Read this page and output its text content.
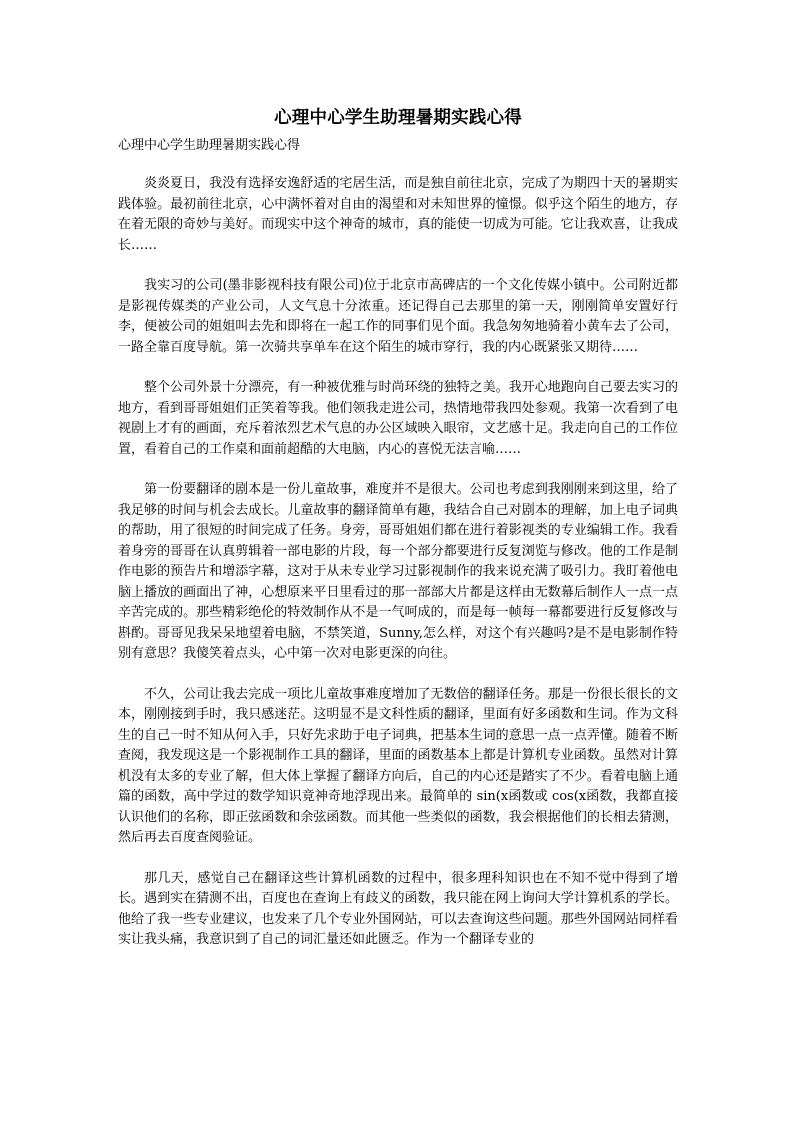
心理中心学生助理暑期实践心得

心理中心学生助理暑期实践心得

炎炎夏日，我没有选择安逸舒适的宅居生活，而是独自前往北京，完成了为期四十天的暑期实践体验。最初前往北京，心中满怀着对自由的渴望和对未知世界的憧憬。似乎这个陌生的地方，存在着无限的奇妙与美好。而现实中这个神奇的城市，真的能使一切成为可能。它让我欢喜，让我成长……

我实习的公司(墨非影视科技有限公司)位于北京市高碑店的一个文化传媒小镇中。公司附近都是影视传媒类的产业公司，人文气息十分浓重。还记得自己去那里的第一天，刚刚简单安置好行李，便被公司的姐姐叫去先和即将在一起工作的同事们见个面。我急匆匆地骑着小黄车去了公司，一路全靠百度导航。第一次骑共享单车在这个陌生的城市穿行，我的内心既紧张又期待……

整个公司外景十分漂亮，有一种被优雅与时尚环绕的独特之美。我开心地跑向自己要去实习的地方，看到哥哥姐姐们正笑着等我。他们领我走进公司，热情地带我四处参观。我第一次看到了电视剧上才有的画面，充斥着浓烈艺术气息的办公区域映入眼帘，文艺感十足。我走向自己的工作位置，看着自己的工作桌和面前超酷的大电脑，内心的喜悦无法言喻……

第一份要翻译的剧本是一份儿童故事，难度并不是很大。公司也考虑到我刚刚来到这里，给了我足够的时间与机会去成长。儿童故事的翻译简单有趣，我结合自己对剧本的理解，加上电子词典的帮助，用了很短的时间完成了任务。身旁，哥哥姐姐们都在进行着影视类的专业编辑工作。我看着身旁的哥哥在认真剪辑着一部电影的片段，每一个部分都要进行反复浏览与修改。他的工作是制作电影的预告片和增添字幕，这对于从未专业学习过影视制作的我来说充满了吸引力。我盯着他电脑上播放的画面出了神，心想原来平日里看过的那一部部大片都是这样由无数幕后制作人一点一点辛苦完成的。那些精彩绝伦的特效制作从不是一气呵成的，而是每一帧每一幕都要进行反复修改与斟酌。哥哥见我呆呆地望着电脑，不禁笑道，Sunny,怎么样，对这个有兴趣吗?是不是电影制作特别有意思？我傻笑着点头，心中第一次对电影更深的向往。

不久，公司让我去完成一项比儿童故事难度增加了无数倍的翻译任务。那是一份很长很长的文本，刚刚接到手时，我只感迷茫。这明显不是文科性质的翻译，里面有好多函数和生词。作为文科生的自己一时不知从何入手，只好先求助于电子词典，把基本生词的意思一点一点弄懂。随着不断查阅，我发现这是一个影视制作工具的翻译，里面的函数基本上都是计算机专业函数。虽然对计算机没有太多的专业了解，但大体上掌握了翻译方向后，自己的内心还是踏实了不少。看着电脑上通篇的函数，高中学过的数学知识竟神奇地浮现出来。最简单的 sin(x函数或 cos(x函数，我都直接认识他们的名称，即正弦函数和余弦函数。而其他一些类似的函数，我会根据他们的长相去猜测，然后再去百度查阅验证。

那几天，感觉自己在翻译这些计算机函数的过程中，很多理科知识也在不知不觉中得到了增长。遇到实在猜测不出，百度也在查询上有歧义的函数，我只能在网上询问大学计算机系的学长。他给了我一些专业建议，也发来了几个专业外国网站，可以去查询这些问题。那些外国网站同样看实让我头痛，我意识到了自己的词汇量还如此匮乏。作为一个翻译专业的
